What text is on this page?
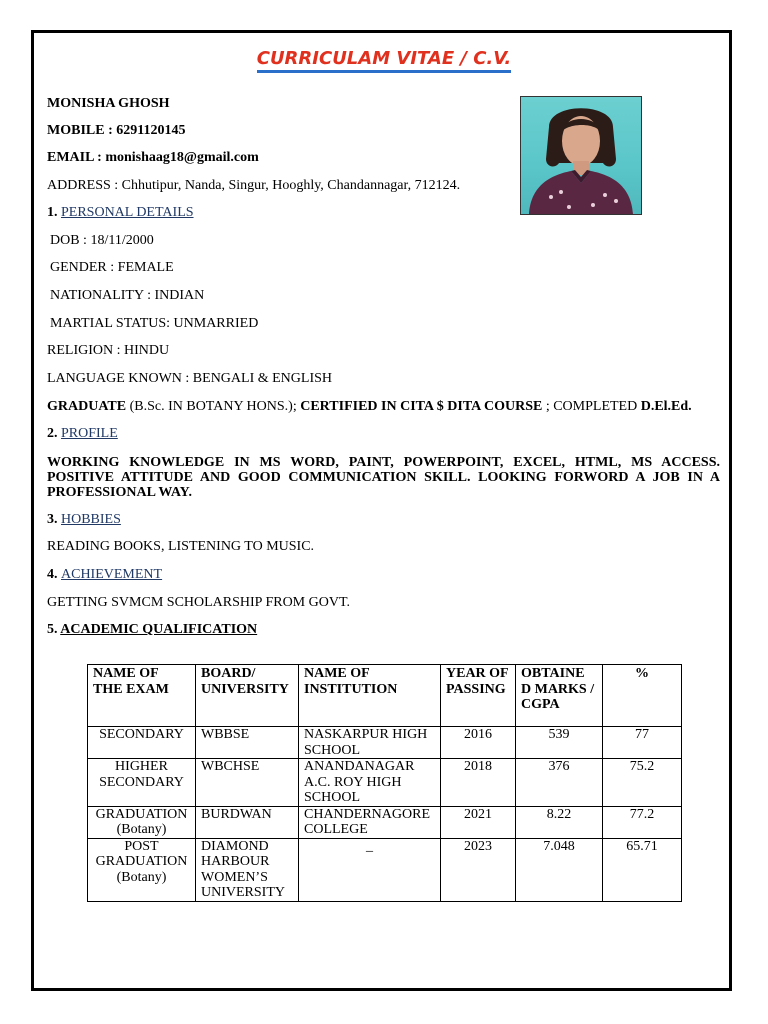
CURRICULAM VITAE / C.V.
MONISHA GHOSH
MOBILE : 6291120145
EMAIL : monishaag18@gmail.com
ADDRESS : Chhutipur, Nanda, Singur, Hooghly, Chandannagar, 712124.
1. PERSONAL DETAILS
DOB : 18/11/2000
GENDER : FEMALE
NATIONALITY : INDIAN
MARTIAL STATUS: UNMARRIED
RELIGION : HINDU
LANGUAGE KNOWN : BENGALI & ENGLISH
GRADUATE (B.Sc. IN BOTANY HONS.); CERTIFIED IN CITA $ DITA COURSE ; COMPLETED D.El.Ed.
2. PROFILE
WORKING KNOWLEDGE IN MS WORD, PAINT, POWERPOINT, EXCEL, HTML, MS ACCESS. POSITIVE ATTITUDE AND GOOD COMMUNICATION SKILL. LOOKING FORWORD A JOB IN A PROFESSIONAL WAY.
3. HOBBIES
READING BOOKS, LISTENING TO MUSIC.
4. ACHIEVEMENT
GETTING SVMCM SCHOLARSHIP FROM GOVT.
5. ACADEMIC QUALIFICATION
NAME OF THE EXAM	BOARD/ UNIVERSITY	NAME OF INSTITUTION	YEAR OF PASSING	OBTAINE D MARKS / CGPA	%
SECONDARY	WBBSE	NASKARPUR HIGH SCHOOL	2016	539	77
HIGHER SECONDARY	WBCHSE	ANANDANAGAR A.C. ROY HIGH SCHOOL	2018	376	75.2
GRADUATION (Botany)	BURDWAN	CHANDERNAGORE COLLEGE	2021	8.22	77.2
POST GRADUATION (Botany)	DIAMOND HARBOUR WOMEN’S UNIVERSITY	_	2023	7.048	65.71
